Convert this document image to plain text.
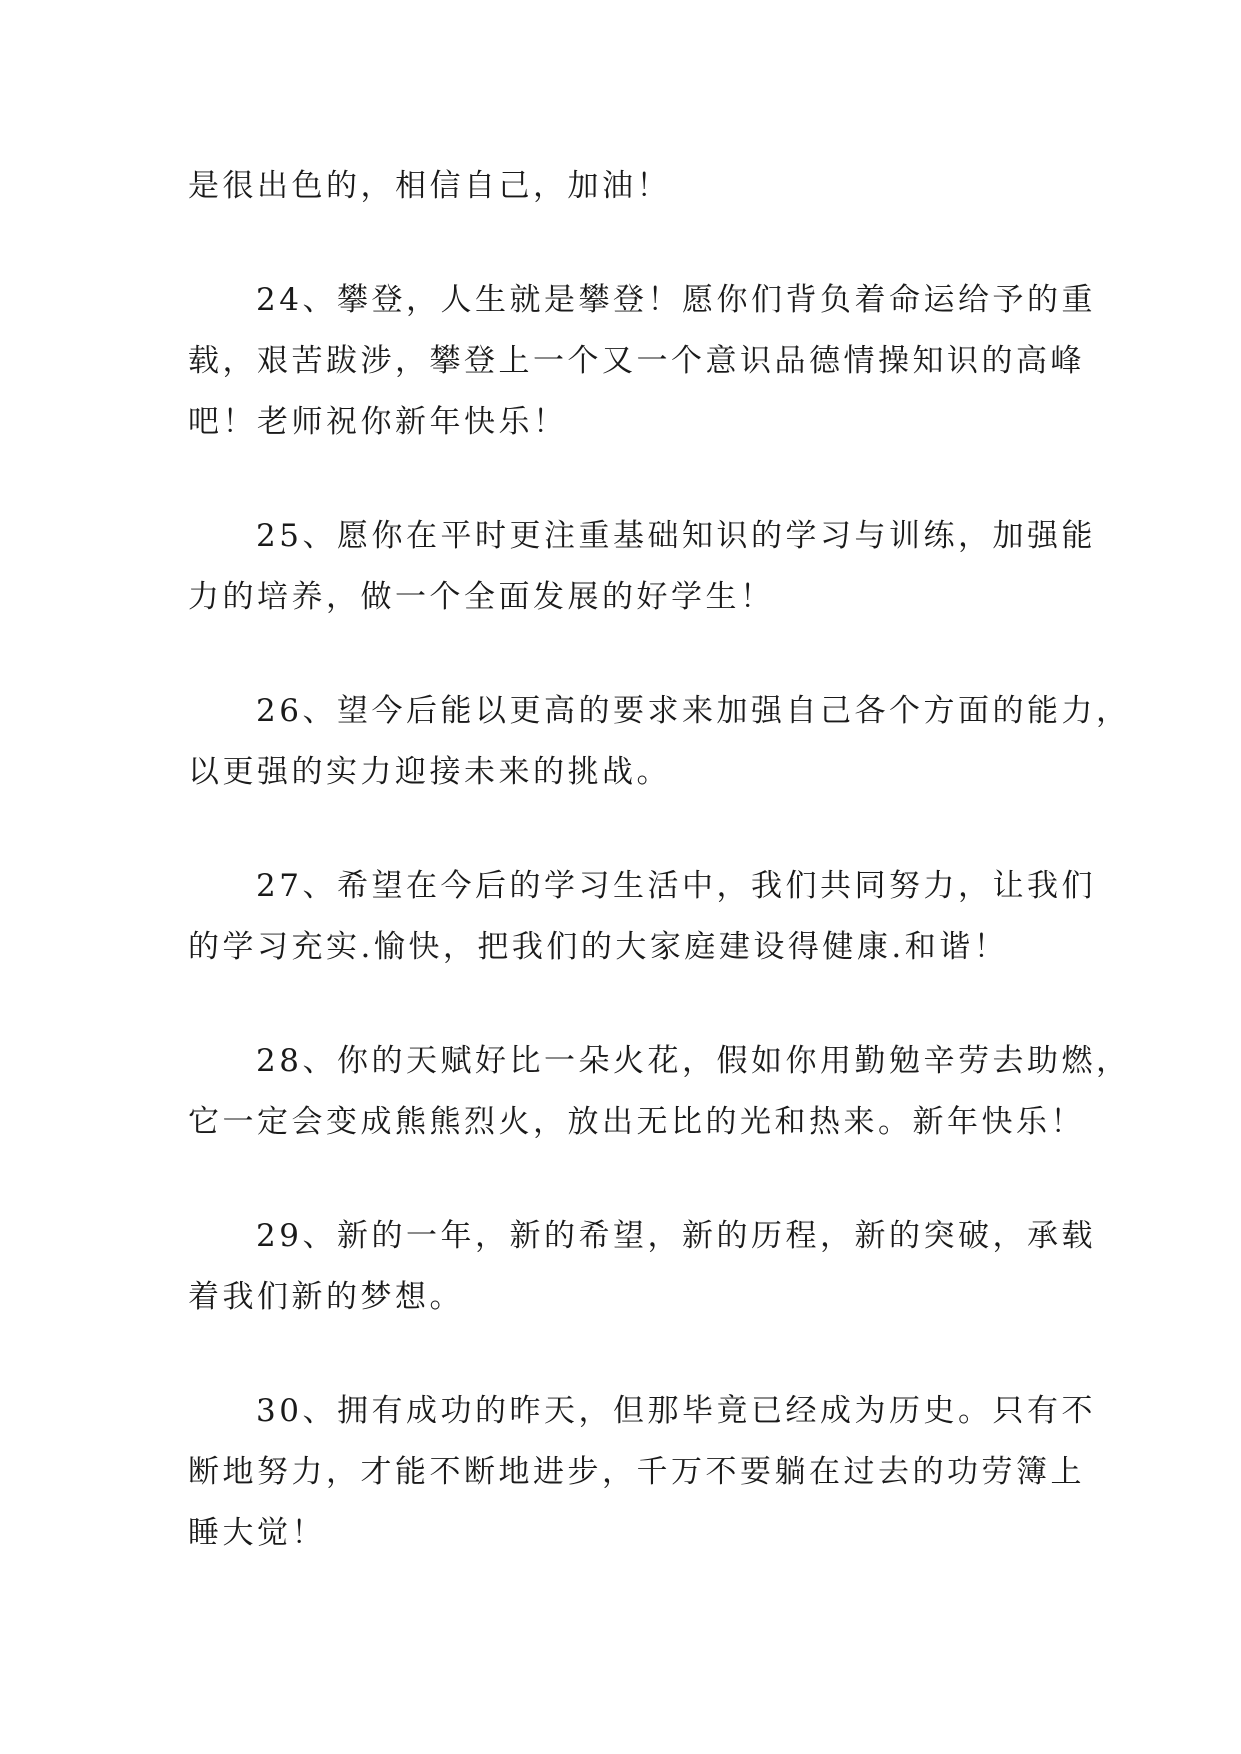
是很出色的，相信自己，加油！
24、攀登，人生就是攀登！愿你们背负着命运给予的重
载，艰苦跋涉，攀登上一个又一个意识品德情操知识的高峰
吧！老师祝你新年快乐！
25、愿你在平时更注重基础知识的学习与训练，加强能
力的培养，做一个全面发展的好学生！
26、望今后能以更高的要求来加强自己各个方面的能力，
以更强的实力迎接未来的挑战。
27、希望在今后的学习生活中，我们共同努力，让我们
的学习充实.愉快，把我们的大家庭建设得健康.和谐！
28、你的天赋好比一朵火花，假如你用勤勉辛劳去助燃，
它一定会变成熊熊烈火，放出无比的光和热来。新年快乐！
29、新的一年，新的希望，新的历程，新的突破，承载
着我们新的梦想。
30、拥有成功的昨天，但那毕竟已经成为历史。只有不
断地努力，才能不断地进步，千万不要躺在过去的功劳簿上
睡大觉！
